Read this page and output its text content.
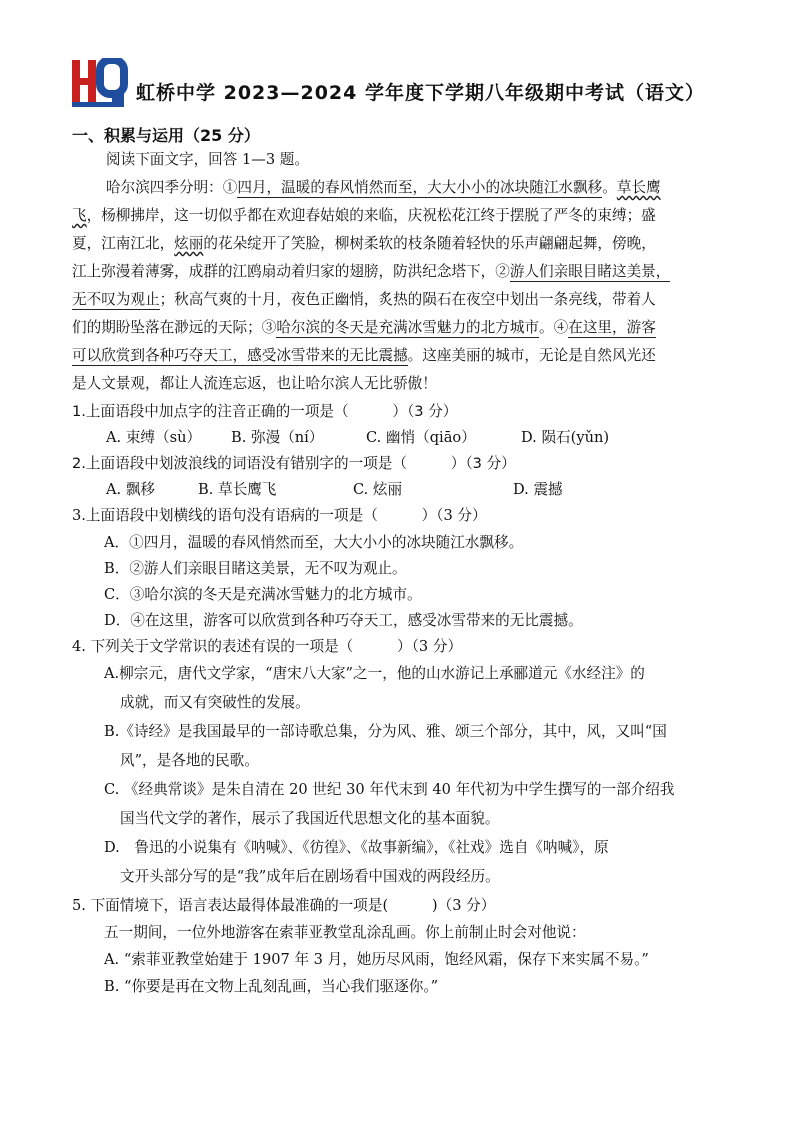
虹桥中学 2023—2024 学年度下学期八年级期中考试（语文）
一、积累与运用（25 分）
阅读下面文字，回答 1—3 题。
哈尔滨四季分明：①四月，温暖的春风悄然而至，大大小小的冰块随江水飘移。草长鹰
飞，杨柳拂岸，这一切似乎都在欢迎春姑娘的来临，庆祝松花江终于摆脱了严冬的束缚；盛
夏，江南江北，炫丽的花朵绽开了笑脸，柳树柔软的枝条随着轻快的乐声翩翩起舞，傍晚，
江上弥漫着薄雾，成群的江鸥扇动着归家的翅膀，防洪纪念塔下，②游人们亲眼目睹这美景，
无不叹为观止；秋高气爽的十月，夜色正幽悄，炙热的陨石在夜空中划出一条亮线，带着人
们的期盼坠落在渺远的天际；③哈尔滨的冬天是充满冰雪魅力的北方城市。④在这里，游客
可以欣赏到各种巧夺天工，感受冰雪带来的无比震撼。这座美丽的城市，无论是自然风光还
是人文景观，都让人流连忘返，也让哈尔滨人无比骄傲！
1.上面语段中加点字的注音正确的一项是（　　　）（3 分）
A. 束缚（sù） B. 弥漫（ní）	C. 幽悄（qiāo）	D. 陨石(yǔn)
2.上面语段中划波浪线的词语没有错别字的一项是（　　　）（3 分）
A. 飘移	B. 草长鹰飞	C. 炫丽	D. 震撼
3.上面语段中划横线的语句没有语病的一项是（　　　）（3 分）
A．①四月，温暖的春风悄然而至，大大小小的冰块随江水飘移。
B．②游人们亲眼目睹这美景，无不叹为观止。
C．③哈尔滨的冬天是充满冰雪魅力的北方城市。
D．④在这里，游客可以欣赏到各种巧夺天工，感受冰雪带来的无比震撼。
4. 下列关于文学常识的表述有误的一项是（　　　）（3 分）
A.柳宗元，唐代文学家，“唐宋八大家”之一，他的山水游记上承郦道元《水经注》的
成就，而又有突破性的发展。
B.《诗经》是我国最早的一部诗歌总集，分为风、雅、颂三个部分，其中，风，又叫“国
风”，是各地的民歌。
C. 《经典常谈》是朱自清在 20 世纪 30 年代末到 40 年代初为中学生撰写的一部介绍我
国当代文学的著作，展示了我国近代思想文化的基本面貌。
D.　鲁迅的小说集有《呐喊》、《彷徨》、《故事新编》，《社戏》选自《呐喊》，原
文开头部分写的是“我”成年后在剧场看中国戏的两段经历。
5. 下面情境下，语言表达最得体最准确的一项是(　　　)（3 分）
五一期间，一位外地游客在索菲亚教堂乱涂乱画。你上前制止时会对他说：
A. “索菲亚教堂始建于 1907 年 3 月，她历尽风雨，饱经风霜，保存下来实属不易。”
B. “你要是再在文物上乱刻乱画，当心我们驱逐你。”
